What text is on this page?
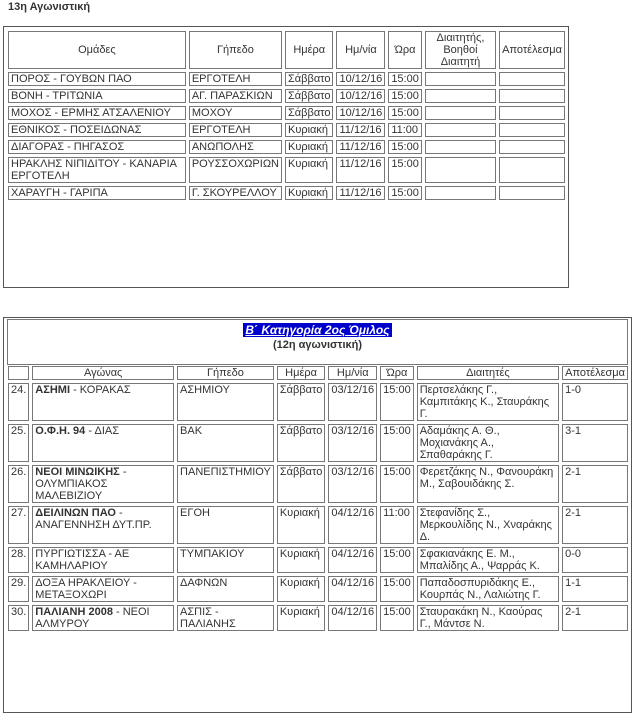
13η Αγωνιστική
Ομάδες	Γήπεδο	Ημέρα	Ημ/νία	Ώρα	Διαιτητής, Βοηθοί Διαιτητή	Αποτέλεσμα
ΠΟΡΟΣ - ΓΟΥΒΩΝ ΠΑΟ	ΕΡΓΟΤΕΛΗ	Σάββατο	10/12/16	15:00		
ΒΟΝΗ - ΤΡΙΤΩΝΙΑ	ΑΓ. ΠΑΡΑΣΚΙΩΝ	Σάββατο	10/12/16	15:00		
ΜΟΧΟΣ - ΕΡΜΗΣ ΑΤΣΑΛΕΝΙΟΥ	ΜΟΧΟΥ	Σάββατο	10/12/16	15:00		
ΕΘΝΙΚΟΣ - ΠΟΣΕΙΔΩΝΑΣ	ΕΡΓΟΤΕΛΗ	Κυριακή	11/12/16	11:00		
ΔΙΑΓΟΡΑΣ - ΠΗΓΑΣΟΣ	ΑΝΩΠΟΛΗΣ	Κυριακή	11/12/16	15:00		
ΗΡΑΚΛΗΣ ΝΙΠΙΔΙΤΟΥ - ΚΑΝΑΡΙΑ ΕΡΓΟΤΕΛΗ	ΡΟΥΣΣΟΧΩΡΙΩΝ	Κυριακή	11/12/16	15:00		
ΧΑΡΑΥΓΗ - ΓΑΡΙΠΑ	Γ. ΣΚΟΥΡΕΛΛΟΥ	Κυριακή	11/12/16	15:00		
Β΄ Κατηγορία 2ος Όμιλος
(12η αγωνιστική)
	Αγώνας	Γήπεδο	Ημέρα	Ημ/νία	Ώρα	Διαιτητές	Αποτέλεσμα
24.	ΑΣΗΜΙ - ΚΟΡΑΚΑΣ	ΑΣΗΜΙΟΥ	Σάββατο	03/12/16	15:00	Περτσελάκης Γ., Καμπιτάκης Κ., Σταυράκης Γ.	1-0
25.	Ο.Φ.Η. 94 - ΔΙΑΣ	ΒΑΚ	Σάββατο	03/12/16	15:00	Αδαμάκης Α. Θ., Μοχιανάκης Α., Σπαθαράκης Γ.	3-1
26.	ΝΕΟΙ ΜΙΝΩΙΚΗΣ - ΟΛΥΜΠΙΑΚΟΣ ΜΑΛΕΒΙΖΙΟΥ	ΠΑΝΕΠΙΣΤΗΜΙΟΥ	Σάββατο	03/12/16	15:00	Φερετζάκης Ν., Φανουράκη Μ., Σαβουιδάκης Σ.	2-1
27.	ΔΕΙΛΙΝΩΝ ΠΑΟ - ΑΝΑΓΕΝΝΗΣΗ ΔΥΤ.ΠΡ.	ΕΓΟΗ	Κυριακή	04/12/16	11:00	Στεφανίδης Σ., Μερκουλίδης Ν., Χναράκης Δ.	2-1
28.	ΠΥΡΓΙΩΤΙΣΣΑ - ΑΕ ΚΑΜΗΛΑΡΙΟΥ	ΤΥΜΠΑΚΙΟΥ	Κυριακή	04/12/16	15:00	Σφακιανάκης Ε. Μ., Μπαλίδης Α., Ψαρράς Κ.	0-0
29.	ΔΟΞΑ ΗΡΑΚΛΕΙΟΥ - ΜΕΤΑΞΟΧΩΡΙ	ΔΑΦΝΩΝ	Κυριακή	04/12/16	15:00	Παπαδοσπυριδάκης Ε., Κουρπάς Ν., Λαλιώτης Γ.	1-1
30.	ΠΑΛΙΑΝΗ 2008 - ΝΕΟΙ ΑΛΜΥΡΟΥ	ΑΣΠΙΣ - ΠΑΛΙΑΝΗΣ	Κυριακή	04/12/16	15:00	Σταυρακάκη Ν., Καούρας Γ., Μάντσε Ν.	2-1
